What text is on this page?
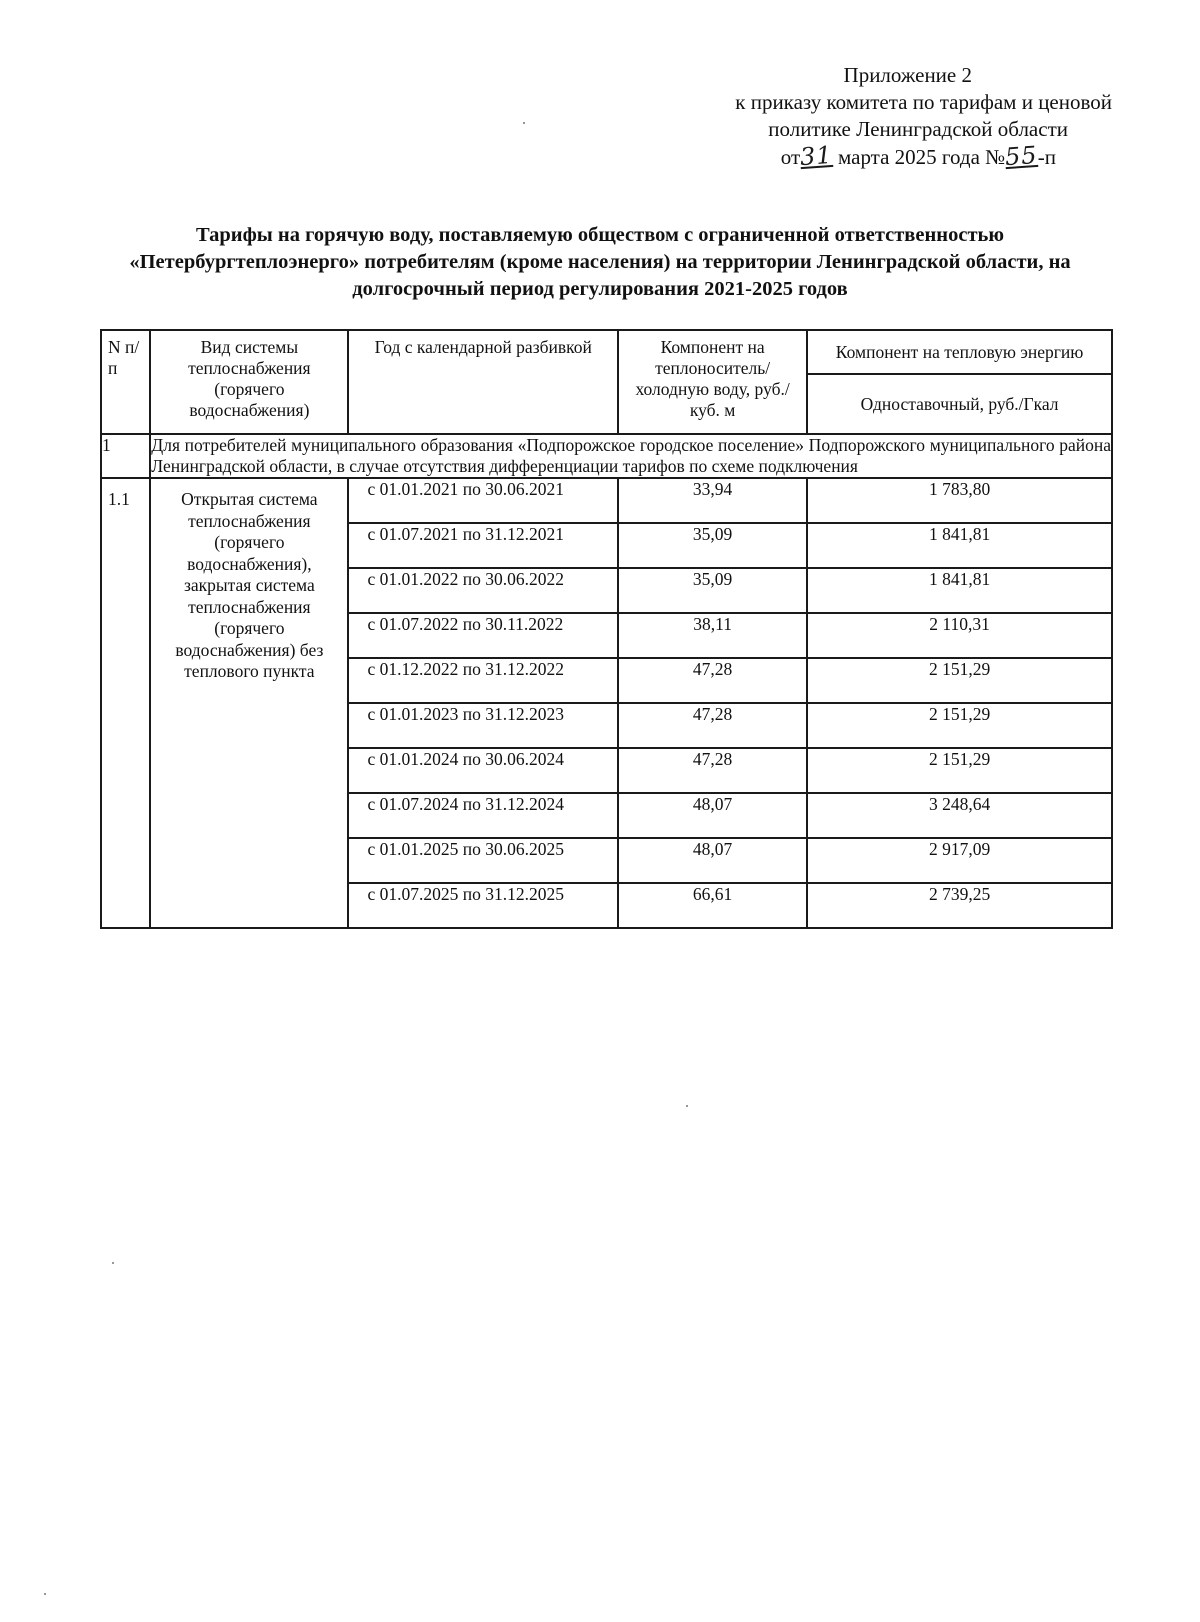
Приложение 2
к приказу комитета по тарифам и ценовой
политике Ленинградской области
от31 марта 2025 года №55-п
Тарифы на горячую воду, поставляемую обществом с ограниченной ответственностью «Петербургтеплоэнерго» потребителям (кроме населения) на территории Ленинградской области, на долгосрочный период регулирования 2021-2025 годов
N п/п	Вид системы теплоснабжения (горячего водоснабжения)	Год с календарной разбивкой	Компонент на теплоноситель/холодную воду, руб./куб. м	Компонент на тепловую энергию
				Одноставочный, руб./Гкал
1	Для потребителей муниципального образования «Подпорожское городское поселение» Подпорожского муниципального района Ленинградской области, в случае отсутствия дифференциации тарифов по схеме подключения			
1.1	Открытая система теплоснабжения (горячего водоснабжения), закрытая система теплоснабжения (горячего водоснабжения) без теплового пункта	с 01.01.2021 по 30.06.2021	33,94	1 783,80
		с 01.07.2021 по 31.12.2021	35,09	1 841,81
		с 01.01.2022 по 30.06.2022	35,09	1 841,81
		с 01.07.2022 по 30.11.2022	38,11	2 110,31
		с 01.12.2022 по 31.12.2022	47,28	2 151,29
		с 01.01.2023 по 31.12.2023	47,28	2 151,29
		с 01.01.2024 по 30.06.2024	47,28	2 151,29
		с 01.07.2024 по 31.12.2024	48,07	3 248,64
		с 01.01.2025 по 30.06.2025	48,07	2 917,09
		с 01.07.2025 по 31.12.2025	66,61	2 739,25
